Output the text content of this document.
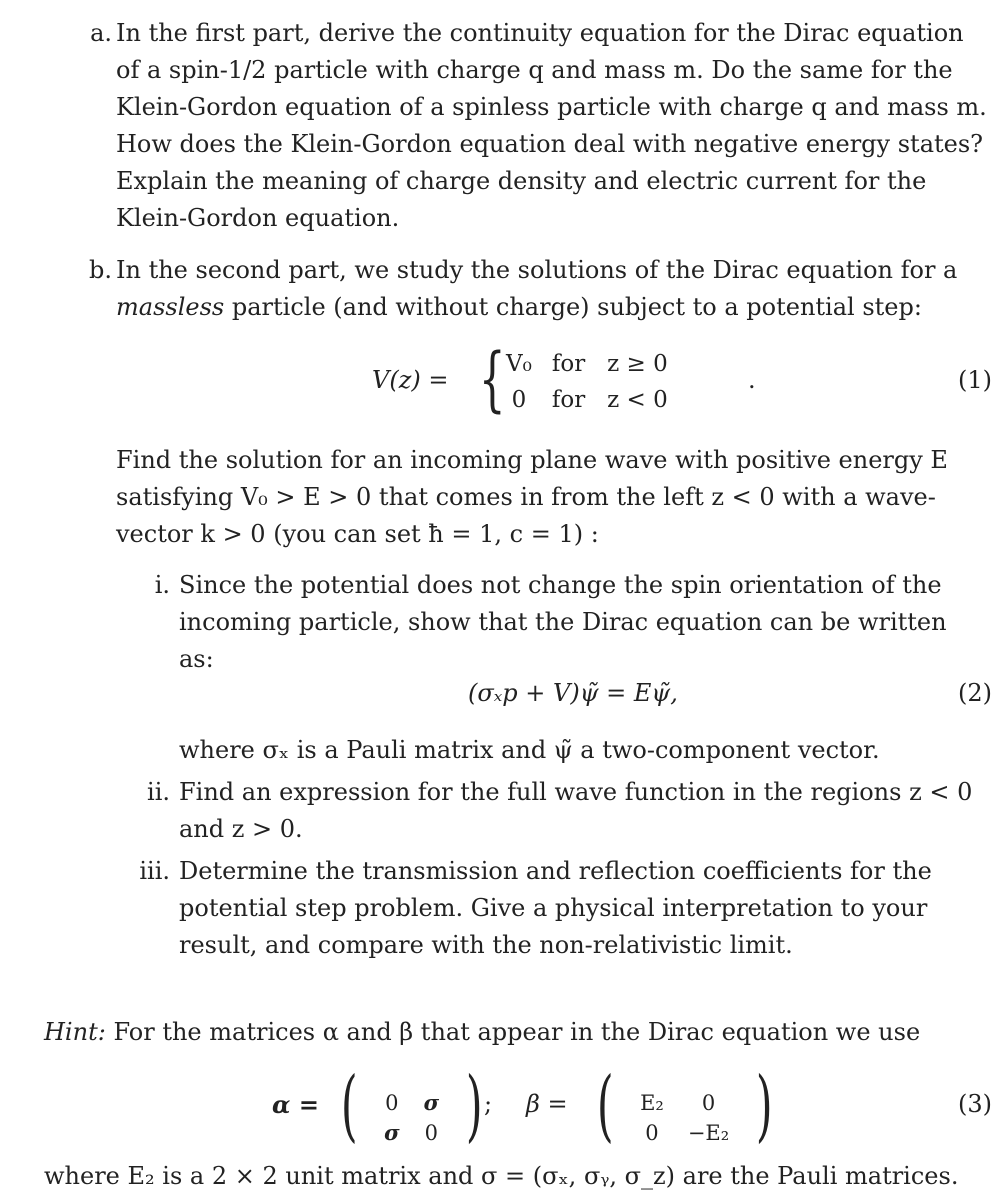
a. In the first part, derive the continuity equation for the Dirac equation of a spin-1/2 particle with charge q and mass m. Do the same for the Klein-Gordon equation of a spinless particle with charge q and mass m. How does the Klein-Gordon equation deal with negative energy states? Explain the meaning of charge density and electric current for the Klein-Gordon equation.
b. In the second part, we study the solutions of the Dirac equation for a massless particle (and without charge) subject to a potential step:
V(z) = { V₀	for   z ≥ 0
0	for   z < 0
.	(1)
Find the solution for an incoming plane wave with positive energy E satisfying V₀ > E > 0 that comes in from the left z < 0 with a wave-vector k > 0 (you can set ħ = 1, c = 1) :
i. Since the potential does not change the spin orientation of the incoming particle, show that the Dirac equation can be written as:
(σₓp + V)ψ̃ = Eψ̃,	(2)
where σₓ is a Pauli matrix and ψ̃ a two-component vector.
ii. Find an expression for the full wave function in the regions z < 0 and z > 0.
iii. Determine the transmission and reflection coefficients for the potential step problem. Give a physical interpretation to your result, and compare with the non-relativistic limit.
Hint: For the matrices α and β that appear in the Dirac equation we use
α = ( 0	σ
σ	0 ) ; β = ( E₂	0
0	−E₂ )	(3)
where E₂ is a 2 × 2 unit matrix and σ = (σₓ, σᵧ, σ_z) are the Pauli matrices.
